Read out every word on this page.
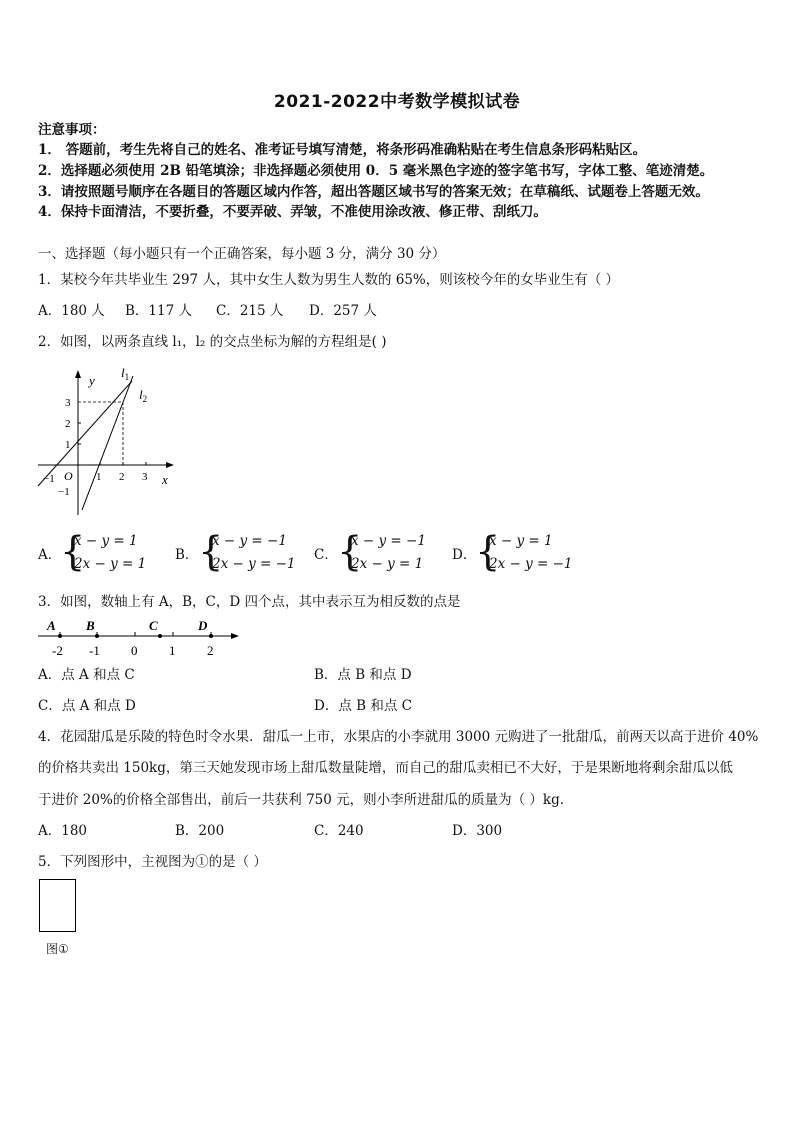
2021-2022中考数学模拟试卷
注意事项：
1． 答题前，考生先将自己的姓名、准考证号填写清楚，将条形码准确粘贴在考生信息条形码粘贴区。
2．选择题必须使用 2B 铅笔填涂；非选择题必须使用 0．5 毫米黑色字迹的签字笔书写，字体工整、笔迹清楚。
3．请按照题号顺序在各题目的答题区域内作答，超出答题区域书写的答案无效；在草稿纸、试题卷上答题无效。
4．保持卡面清洁，不要折叠，不要弄破、弄皱，不准使用涂改液、修正带、刮纸刀。
一、选择题（每小题只有一个正确答案，每小题 3 分，满分 30 分）
1．某校今年共毕业生 297 人，其中女生人数为男生人数的 65%，则该校今年的女毕业生有（ ）
A．180 人 B．117 人 C．215 人 D．257 人
2．如图，以两条直线 l₁，l₂ 的交点坐标为解的方程组是( )
y
x
O
−1	1 2 3
3
2
1
−1
$l_1$
$l_2$
A．
{
x − y = 1
2x − y = 1
B． {
x − y = −1
2x − y = −1
C． {
x − y = −1
2x − y = 1
D．
{
x − y = 1
2x − y = −1
3．如图，数轴上有 A，B，C，D 四个点，其中表示互为相反数的点是
A B	C	D
-2 -1 0 1 2
A．点 A 和点 C	B．点 B 和点 D
C．点 A 和点 D	D．点 B 和点 C
4．花园甜瓜是乐陵的特色时令水果．甜瓜一上市，水果店的小李就用 3000 元购进了一批甜瓜，前两天以高于进价 40%
的价格共卖出 150kg，第三天她发现市场上甜瓜数量陡增，而自己的甜瓜卖相已不大好，于是果断地将剩余甜瓜以低
于进价 20%的价格全部售出，前后一共获利 750 元，则小李所进甜瓜的质量为（ ）kg.
A．180	B．200	C．240	D．300
5．下列图形中，主视图为①的是（ ）
图①
